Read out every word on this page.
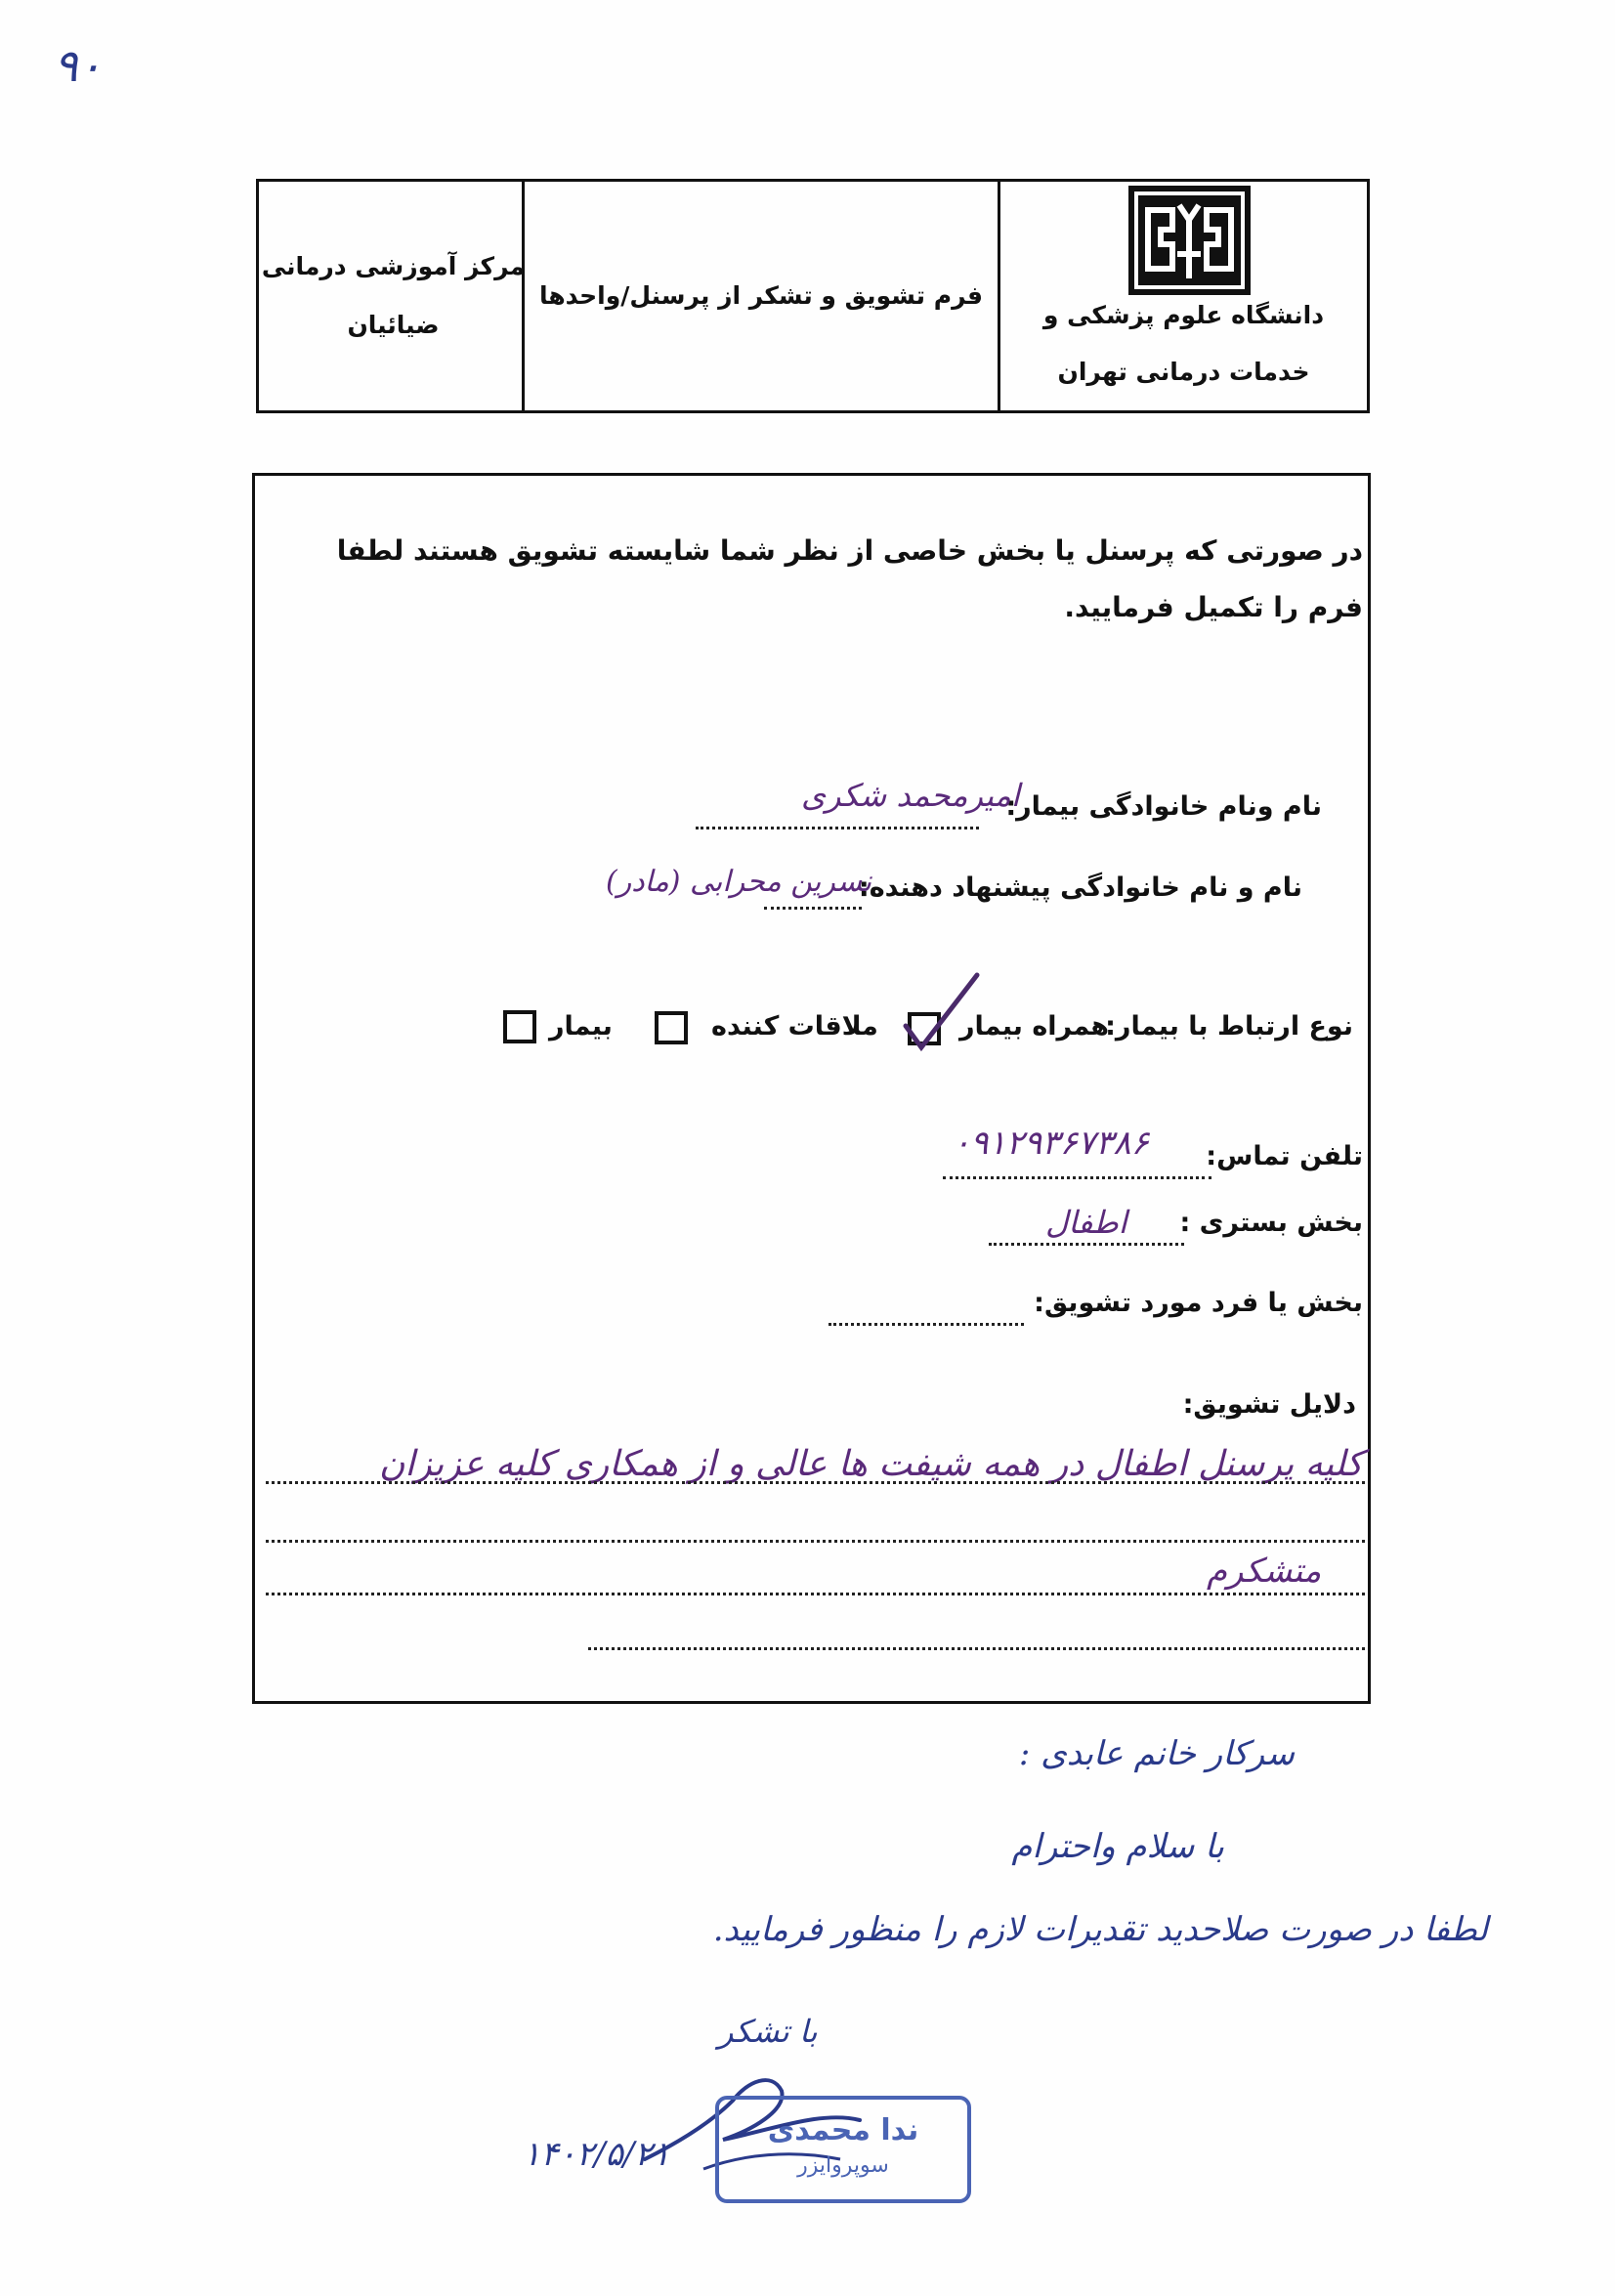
۹۰
دانشگاه علوم پزشکی و
خدمات درمانی تهران
فرم تشویق و تشکر از پرسنل/واحدها
مرکز آموزشی درمانی
ضیائیان
در صورتی که پرسنل یا بخش خاصی از نظر شما شایسته تشویق هستند لطفا فرم را تکمیل فرمایید.
نام ونام خانوادگی بیمار:
امیرمحمد شکری
نام و نام خانوادگی پیشنهاد دهنده:
نسرین محرابی (مادر)
نوع ارتباط با بیمار:
همراه بیمار
ملاقات کننده
بیمار
تلفن تماس:
۰۹۱۲۹۳۶۷۳۸۶
بخش بستری :
اطفال
بخش یا فرد مورد تشویق:
دلایل تشویق:
کلیه پرسنل اطفال در همه شیفت ها عالی و از همکاری کلیه عزیزان
متشکرم
سرکار خانم عابدی :
با سلام واحترام
لطفا در صورت صلاحدید تقدیرات لازم را منظور فرمایید.
با تشکر
۱۴۰۲/۵/۲۱
ندا محمدی
سوپروایزر
